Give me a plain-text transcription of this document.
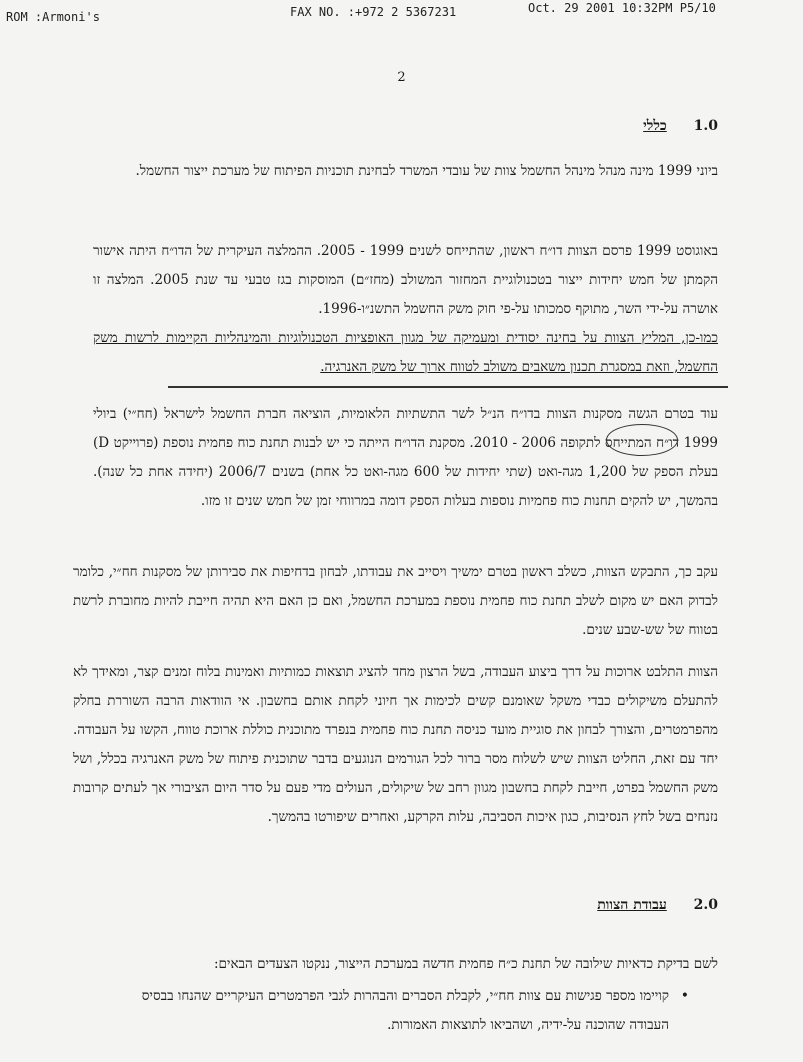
ROM :Armoni's	FAX NO. :+972 2 5367231	Oct. 29 2001 10:32PM P5/10
2
1.0 כללי

ביוני 1999 מינה מנהל מינהל החשמל צוות של עובדי המשרד לבחינת תוכניות הפיתוח של מערכת ייצור החשמל.

באוגוסט 1999 פרסם הצוות דו״ח ראשון, שהתייחס לשנים 1999 - 2005. ההמלצה העיקרית של הדו״ח היתה אישור הקמתן של חמש יחידות ייצור בטכנולוגיית המחזור המשולב (מחז״ם) המוסקות בגז טבעי עד שנת 2005. המלצה זו אושרה על-ידי השר, מתוקף סמכותו על-פי חוק משק החשמל התשנ״ו-1996.

כמו-כן, המליץ הצוות על בחינה יסודית ומעמיקה של מגוון האופציות הטכנולוגיות והמינהליות הקיימות לרשות משק החשמל, וזאת במסגרת תכנון משאבים משולב לטווח ארוך של משק האנרגיה.

עוד בטרם הגשה מסקנות הצוות בדו״ח הנ״ל לשר התשתיות הלאומיות, הוציאה חברת החשמל לישראל (חח״י) ביולי 1999 דו״ח המתייחס לתקופה 2006 - 2010. מסקנת הדו״ח הייתה כי יש לבנות תחנת כוח פחמית נוספת (פרוייקט D) בעלת הספק של 1,200 מגה-ואט (שתי יחידות של 600 מגה-ואט כל אחת) בשנים 2006/7 (יחידה אחת כל שנה). בהמשך, יש להקים תחנות כוח פחמיות נוספות בעלות הספק דומה במרווחי זמן של חמש שנים זו מזו.

עקב כך, התבקש הצוות, כשלב ראשון בטרם ימשיך ויסייב את עבודתו, לבחון בדחיפות את סבירותן של מסקנות חח״י, כלומר לבדוק האם יש מקום לשלב תחנת כוח פחמית נוספת במערכת החשמל, ואם כן האם היא תהיה חייבת להיות מחוברת לרשת בטווח של שש-שבע שנים.

הצוות התלבט ארוכות על דרך ביצוע העבודה, בשל הרצון מחד להציג תוצאות כמותיות ואמינות בלוח זמנים קצר, ומאידך לא להתעלם משיקולים כבדי משקל שאומנם קשים לכימות אך חיוני לקחת אותם בחשבון. אי הוודאות הרבה השוררת בחלק מהפרמטרים, והצורך לבחון את סוגיית מועד כניסה תחנת כוח פחמית בנפרד מתוכנית כוללת ארוכת טווח, הקשו על העבודה. יחד עם זאת, החליט הצוות שיש לשלוח מסר ברור לכל הגורמים הנוגעים בדבר שתוכנית פיתוח של משק האנרגיה בכלל, ושל משק החשמל בפרט, חייבת לקחת בחשבון מגוון רחב של שיקולים, העולים מדי פעם על סדר היום הציבורי אך לעתים קרובות נזנחים בשל לחץ הנסיבות, כגון איכות הסביבה, עלות הקרקע, ואחרים שיפורטו בהמשך.

2.0 עבודת הצוות

לשם בדיקת כדאיות שילובה של תחנת כ״ח פחמית חדשה במערכת הייצור, ננקטו הצעדים הבאים:

• קויימו מספר פגישות עם צוות חח״י, לקבלת הסברים והבהרות לגבי הפרמטרים העיקריים שהנחו בבסיס העבודה שהוכנה על-ידיה, ושהביאו לתוצאות האמורות.
